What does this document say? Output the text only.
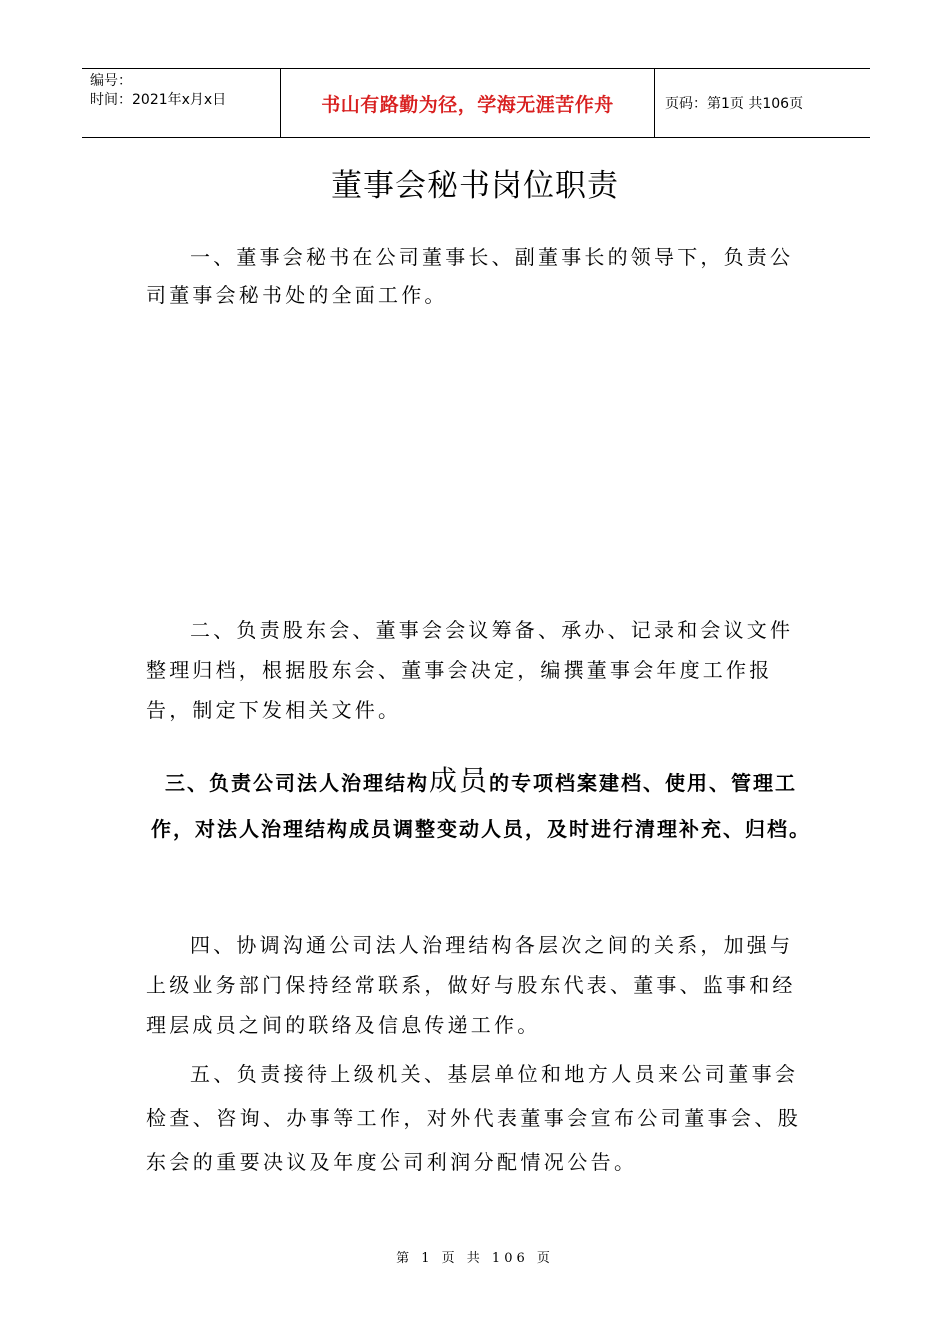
编号：
时间：2021年x月x日	书山有路勤为径，学海无涯苦作舟	页码：第1页 共106页
董事会秘书岗位职责

一、董事会秘书在公司董事长、副董事长的领导下，负责公司董事会秘书处的全面工作。

二、负责股东会、董事会会议筹备、承办、记录和会议文件整理归档，根据股东会、董事会决定，编撰董事会年度工作报告，制定下发相关文件。

三、负责公司法人治理结构成员的专项档案建档、使用、管理工作，对法人治理结构成员调整变动人员，及时进行清理补充、归档。

四、协调沟通公司法人治理结构各层次之间的关系，加强与上级业务部门保持经常联系，做好与股东代表、董事、监事和经理层成员之间的联络及信息传递工作。

五、负责接待上级机关、基层单位和地方人员来公司董事会检查、咨询、办事等工作，对外代表董事会宣布公司董事会、股东会的重要决议及年度公司利润分配情况公告。

第 1 页 共 106 页
